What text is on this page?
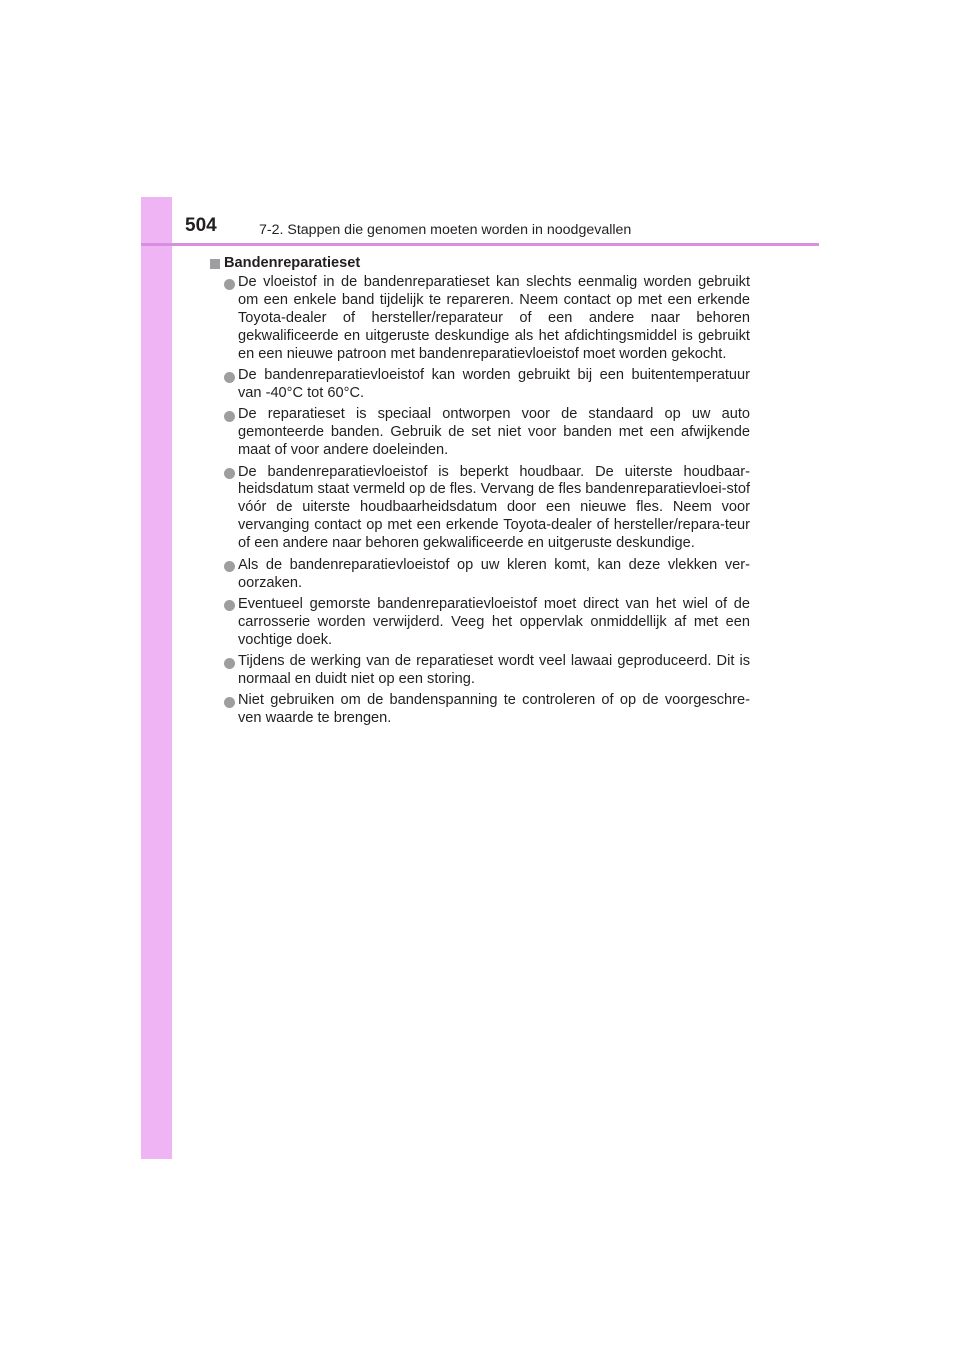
504	7-2. Stappen die genomen moeten worden in noodgevallen
Bandenreparatieset
De vloeistof in de bandenreparatieset kan slechts eenmalig worden gebruikt om een enkele band tijdelijk te repareren. Neem contact op met een erkende Toyota-dealer of hersteller/reparateur of een andere naar behoren gekwalificeerde en uitgeruste deskundige als het afdichtingsmiddel is gebruikt en een nieuwe patroon met bandenreparatievloeistof moet worden gekocht.
De bandenreparatievloeistof kan worden gebruikt bij een buitentemperatuur van -40°C tot 60°C.
De reparatieset is speciaal ontworpen voor de standaard op uw auto gemonteerde banden. Gebruik de set niet voor banden met een afwijkende maat of voor andere doeleinden.
De bandenreparatievloeistof is beperkt houdbaar. De uiterste houdbaar-heidsdatum staat vermeld op de fles. Vervang de fles bandenreparatievloei-stof vóór de uiterste houdbaarheidsdatum door een nieuwe fles. Neem voor vervanging contact op met een erkende Toyota-dealer of hersteller/repara-teur of een andere naar behoren gekwalificeerde en uitgeruste deskundige.
Als de bandenreparatievloeistof op uw kleren komt, kan deze vlekken ver-oorzaken.
Eventueel gemorste bandenreparatievloeistof moet direct van het wiel of de carrosserie worden verwijderd. Veeg het oppervlak onmiddellijk af met een vochtige doek.
Tijdens de werking van de reparatieset wordt veel lawaai geproduceerd. Dit is normaal en duidt niet op een storing.
Niet gebruiken om de bandenspanning te controleren of op de voorgeschre-ven waarde te brengen.
